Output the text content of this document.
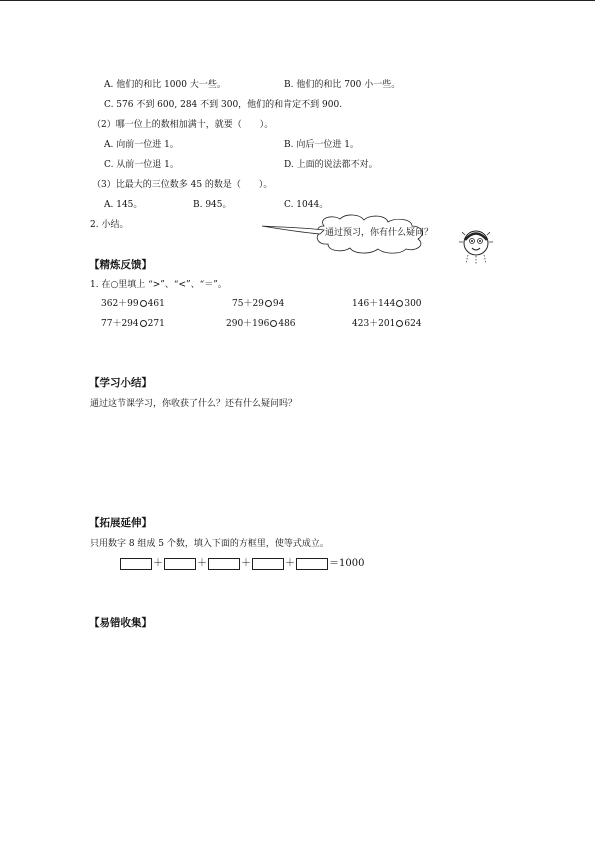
A. 他们的和比 1000 大一些。	B. 他们的和比 700 小一些。
C. 576 不到 600, 284 不到 300，他们的和肯定不到 900.
（2）哪一位上的数相加满十，就要（　　）。
A. 向前一位进 1。	B. 向后一位进 1。
C. 从前一位退 1。	D. 上面的说法都不对。
（3）比最大的三位数多 45 的数是（　　）。
A. 145。	B. 945。	C. 1044。
2. 小结。
通过预习，你有什么疑问？
【精炼反馈】
1. 在○里填上 “>”、“<”、“＝”。
362＋99 461	75＋29 94	146＋144 300
77＋294 271	290＋196 486	423＋201 624
【学习小结】
通过这节课学习，你收获了什么？还有什么疑问吗？
【拓展延伸】
只用数字 8 组成 5 个数，填入下面的方框里，使等式成立。
＋	＋	＋	＋	＝1000
【易错收集】
